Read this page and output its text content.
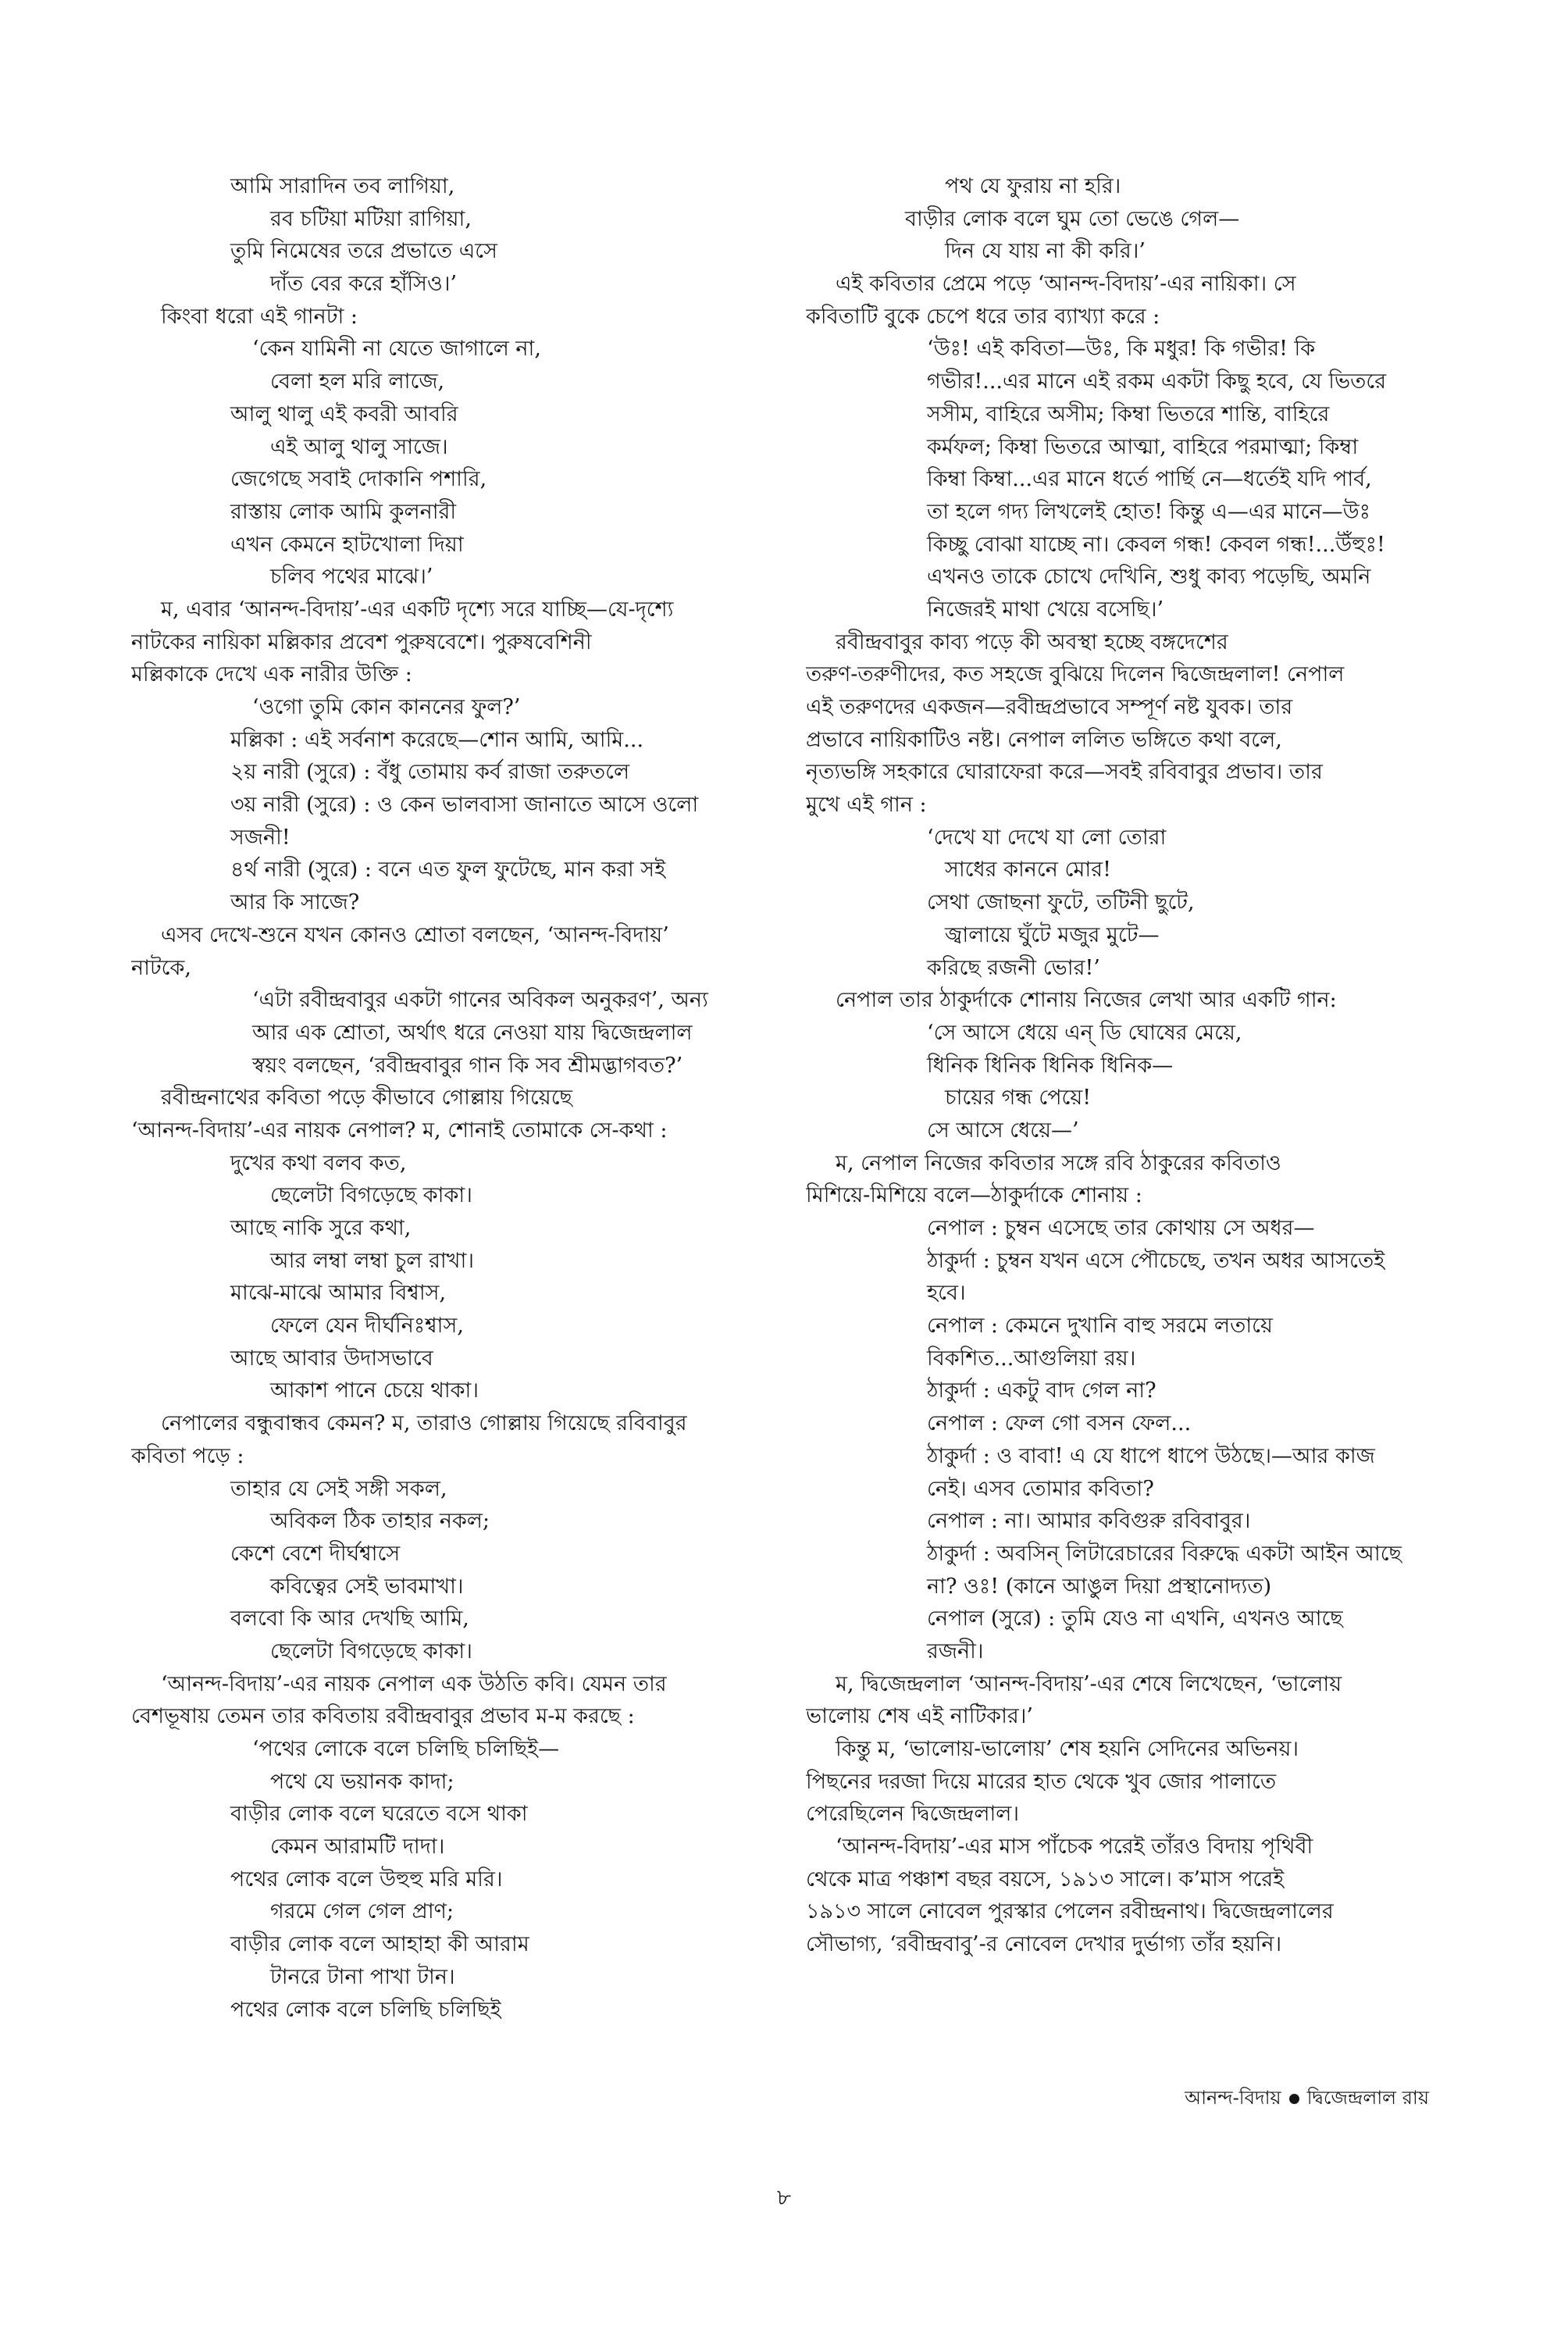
আমি সারাদিন তব লাগিয়া,
রব চটিয়া মটিয়া রাগিয়া,
তুমি নিমেষের তরে প্রভাতে এসে
দাঁত বের করে হাঁসিও।’
কিংবা ধরো এই গানটা :
‘কেন যামিনী না যেতে জাগালে না,
বেলা হল মরি লাজে,
আলু থালু এই কবরী আবরি
এই আলু থালু সাজে।
জেগেছে সবাই দোকানি পশারি,
রাস্তায় লোক আমি কুলনারী
এখন কেমনে হাটখোলা দিয়া
চলিব পথের মাঝে।’
ম, এবার ‘আনন্দ-বিদায়’-এর একটি দৃশ্যে সরে যাচ্ছি—যে-দৃশ্যে
নাটকের নায়িকা মল্লিকার প্রবেশ পুরুষবেশে। পুরুষবেশিনী
মল্লিকাকে দেখে এক নারীর উক্তি :
‘ওগো তুমি কোন কাননের ফুল?’
মল্লিকা : এই সর্বনাশ করেছে—শোন আমি, আমি...
২য় নারী (সুরে) : বঁধু তোমায় কর্ব রাজা তরুতলে
৩য় নারী (সুরে) : ও কেন ভালবাসা জানাতে আসে ওলো
সজনী!
৪র্থ নারী (সুরে) : বনে এত ফুল ফুটেছে, মান করা সই
আর কি সাজে?
এসব দেখে-শুনে যখন কোনও শ্রোতা বলছেন, ‘আনন্দ-বিদায়’
নাটকে,
‘এটা রবীন্দ্রবাবুর একটা গানের অবিকল অনুকরণ’, অন্য
আর এক শ্রোতা, অর্থাৎ ধরে নেওয়া যায় দ্বিজেন্দ্রলাল
স্বয়ং বলছেন, ‘রবীন্দ্রবাবুর গান কি সব শ্রীমদ্ভাগবত?’
রবীন্দ্রনাথের কবিতা পড়ে কীভাবে গোল্লায় গিয়েছে
‘আনন্দ-বিদায়’-এর নায়ক নেপাল? ম, শোনাই তোমাকে সে-কথা :
দুখের কথা বলব কত,
ছেলেটা বিগড়েছে কাকা।
আছে নাকি সুরে কথা,
আর লম্বা লম্বা চুল রাখা।
মাঝে-মাঝে আমার বিশ্বাস,
ফেলে যেন দীর্ঘনিঃশ্বাস,
আছে আবার উদাসভাবে
আকাশ পানে চেয়ে থাকা।
নেপালের বন্ধুবান্ধব কেমন? ম, তারাও গোল্লায় গিয়েছে রবিবাবুর
কবিতা পড়ে :
তাহার যে সেই সঙ্গী সকল,
অবিকল ঠিক তাহার নকল;
কেশে বেশে দীর্ঘশ্বাসে
কবিত্বের সেই ভাবমাখা।
বলবো কি আর দেখছি আমি,
ছেলেটা বিগড়েছে কাকা।
‘আনন্দ-বিদায়’-এর নায়ক নেপাল এক উঠতি কবি। যেমন তার
বেশভূষায় তেমন তার কবিতায় রবীন্দ্রবাবুর প্রভাব ম-ম করছে :
‘পথের লোকে বলে চলিছি চলিছিই—
পথে যে ভয়ানক কাদা;
বাড়ীর লোক বলে ঘরেতে বসে থাকা
কেমন আরামটি দাদা।
পথের লোক বলে উহুহু মরি মরি।
গরমে গেল গেল প্রাণ;
বাড়ীর লোক বলে আহাহা কী আরাম
টানরে টানা পাখা টান।
পথের লোক বলে চলিছি চলিছিই
পথ যে ফুরায় না হরি।
বাড়ীর লোক বলে ঘুম তো ভেঙে গেল—
দিন যে যায় না কী করি।’
এই কবিতার প্রেমে পড়ে ‘আনন্দ-বিদায়’-এর নায়িকা। সে
কবিতাটি বুকে চেপে ধরে তার ব্যাখ্যা করে :
‘উঃ! এই কবিতা—উঃ, কি মধুর! কি গভীর! কি
গভীর!...এর মানে এই রকম একটা কিছু হবে, যে ভিতরে
সসীম, বাহিরে অসীম; কিম্বা ভিতরে শান্তি, বাহিরে
কর্মফল; কিম্বা ভিতরে আত্মা, বাহিরে পরমাত্মা; কিম্বা
কিম্বা কিম্বা...এর মানে ধর্তে পার্ছি নে—ধর্তেই যদি পার্ব,
তা হলে গদ্য লিখলেই হোত! কিন্তু এ—এর মানে—উঃ
কিচ্ছু বোঝা যাচ্ছে না। কেবল গন্ধ! কেবল গন্ধ!...উঁহুঃ!
এখনও তাকে চোখে দেখিনি, শুধু কাব্য পড়েছি, অমনি
নিজেরই মাথা খেয়ে বসেছি।’
রবীন্দ্রবাবুর কাব্য পড়ে কী অবস্থা হচ্ছে বঙ্গদেশের
তরুণ-তরুণীদের, কত সহজে বুঝিয়ে দিলেন দ্বিজেন্দ্রলাল! নেপাল
এই তরুণদের একজন—রবীন্দ্রপ্রভাবে সম্পূর্ণ নষ্ট যুবক। তার
প্রভাবে নায়িকাটিও নষ্ট। নেপাল ললিত ভঙ্গিতে কথা বলে,
নৃত্যভঙ্গি সহকারে ঘোরাফেরা করে—সবই রবিবাবুর প্রভাব। তার
মুখে এই গান :
‘দেখে যা দেখে যা লো তোরা
সাধের কাননে মোর!
সেথা জোছনা ফুটে, তটিনী ছুটে,
জ্বালায়ে ঘুঁটে মজুর মুটে—
করিছে রজনী ভোর!’
নেপাল তার ঠাকুর্দাকে শোনায় নিজের লেখা আর একটি গান:
‘সে আসে ধেয়ে এন্ ডি ঘোষের মেয়ে,
ধিনিক ধিনিক ধিনিক ধিনিক—
চায়ের গন্ধ পেয়ে!
সে আসে ধেয়ে—’
ম, নেপাল নিজের কবিতার সঙ্গে রবি ঠাকুরের কবিতাও
মিশিয়ে-মিশিয়ে বলে—ঠাকুর্দাকে শোনায় :
নেপাল : চুম্বন এসেছে তার কোথায় সে অধর—
ঠাকুর্দা : চুম্বন যখন এসে পৌচেছে, তখন অধর আসতেই
হবে।
নেপাল : কেমনে দুখানি বাহু সরমে লতায়ে
বিকশিত...আগুলিয়া রয়।
ঠাকুর্দা : একটু বাদ গেল না?
নেপাল : ফেল গো বসন ফেল...
ঠাকুর্দা : ও বাবা! এ যে ধাপে ধাপে উঠছে।—আর কাজ
নেই। এসব তোমার কবিতা?
নেপাল : না। আমার কবিগুরু রবিবাবুর।
ঠাকুর্দা : অবসিন্ লিটারেচারের বিরুদ্ধে একটা আইন আছে
না? ওঃ! (কানে আঙুল দিয়া প্রস্থানোদ্যত)
নেপাল (সুরে) : তুমি যেও না এখনি, এখনও আছে
রজনী।
ম, দ্বিজেন্দ্রলাল ‘আনন্দ-বিদায়’-এর শেষে লিখেছেন, ‘ভালোয়
ভালোয় শেষ এই নাটিকার।’
কিন্তু ম, ‘ভালোয়-ভালোয়’ শেষ হয়নি সেদিনের অভিনয়।
পিছনের দরজা দিয়ে মারের হাত থেকে খুব জোর পালাতে
পেরেছিলেন দ্বিজেন্দ্রলাল।
‘আনন্দ-বিদায়’-এর মাস পাঁচেক পরেই তাঁরও বিদায় পৃথিবী
থেকে মাত্র পঞ্চাশ বছর বয়সে, ১৯১৩ সালে। ক’মাস পরেই
১৯১৩ সালে নোবেল পুরস্কার পেলেন রবীন্দ্রনাথ। দ্বিজেন্দ্রলালের
সৌভাগ্য, ‘রবীন্দ্রবাবু’-র নোবেল দেখার দুর্ভাগ্য তাঁর হয়নি।
আনন্দ-বিদায় দ্বিজেন্দ্রলাল রায়
৮
